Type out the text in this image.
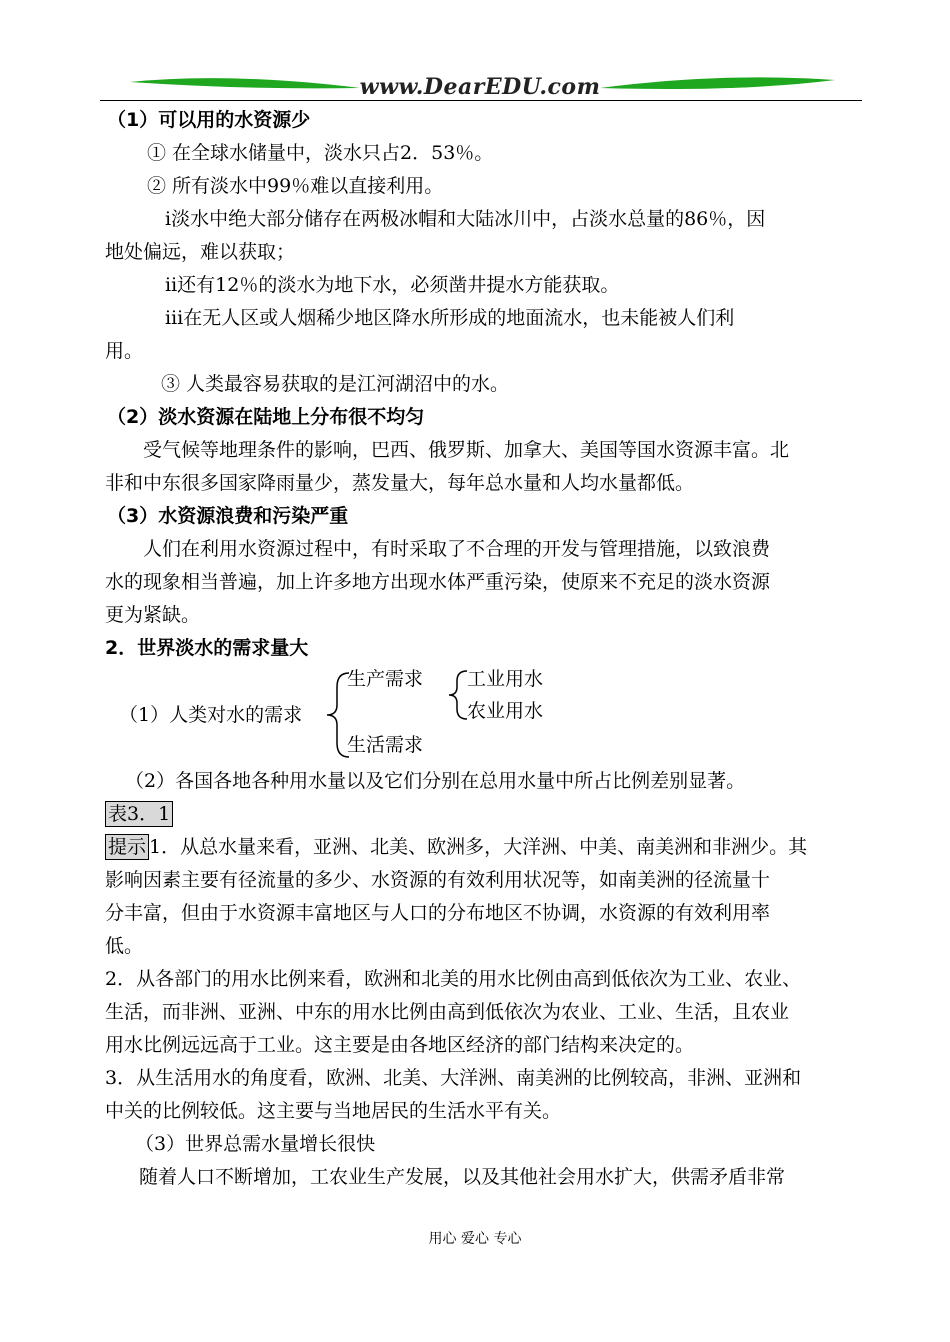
www.DearEDU.com

（1）可以用的水资源少

① 在全球水储量中，淡水只占2．53％。

② 所有淡水中99％难以直接利用。

ⅰ淡水中绝大部分储存在两极冰帽和大陆冰川中，占淡水总量的86％，因

地处偏远，难以获取；

ⅱ还有12％的淡水为地下水，必须凿井提水方能获取。

ⅲ在无人区或人烟稀少地区降水所形成的地面流水，也未能被人们利

用。

③ 人类最容易获取的是江河湖沼中的水。

（2）淡水资源在陆地上分布很不均匀

受气候等地理条件的影响，巴西、俄罗斯、加拿大、美国等国水资源丰富。北

非和中东很多国家降雨量少，蒸发量大，每年总水量和人均水量都低。

（3）水资源浪费和污染严重

人们在利用水资源过程中，有时采取了不合理的开发与管理措施，以致浪费

水的现象相当普遍，加上许多地方出现水体严重污染，使原来不充足的淡水资源

更为紧缺。

2．世界淡水的需求量大

（1）人类对水的需求
生产需求
生活需求
工业用水
农业用水

（2）各国各地各种用水量以及它们分别在总用水量中所占比例差别显著。

表3．1

提示 1．从总水量来看，亚洲、北美、欧洲多，大洋洲、中美、南美洲和非洲少。其

影响因素主要有径流量的多少、水资源的有效利用状况等，如南美洲的径流量十

分丰富，但由于水资源丰富地区与人口的分布地区不协调，水资源的有效利用率

低。

2．从各部门的用水比例来看，欧洲和北美的用水比例由高到低依次为工业、农业、

生活，而非洲、亚洲、中东的用水比例由高到低依次为农业、工业、生活，且农业

用水比例远远高于工业。这主要是由各地区经济的部门结构来决定的。

3．从生活用水的角度看，欧洲、北美、大洋洲、南美洲的比例较高，非洲、亚洲和

中关的比例较低。这主要与当地居民的生活水平有关。

（3）世界总需水量增长很快

随着人口不断增加，工农业生产发展，以及其他社会用水扩大，供需矛盾非常

用心 爱心 专心
